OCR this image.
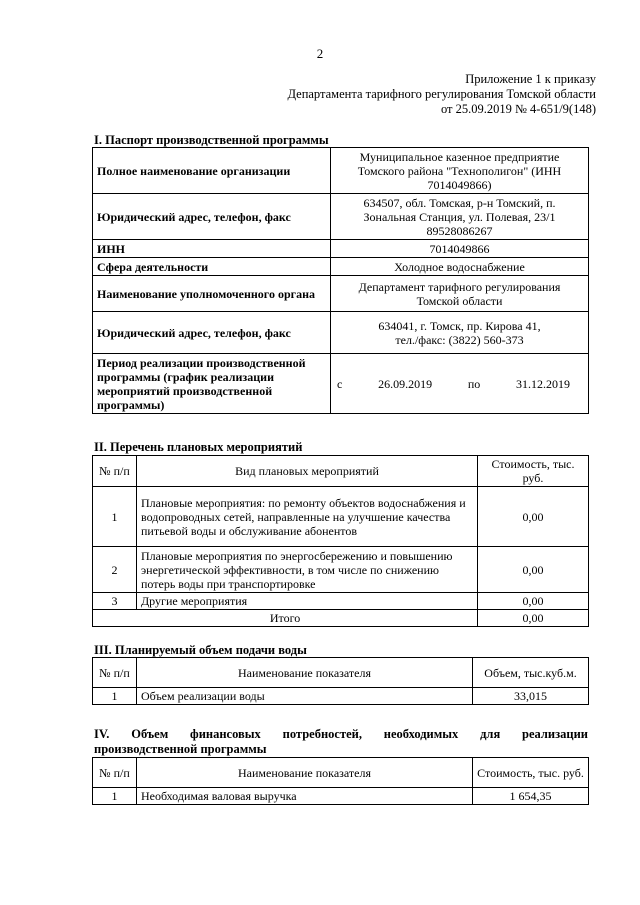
2
Приложение 1 к приказу
Департамента тарифного регулирования Томской области
от 25.09.2019 № 4-651/9(148)
I. Паспорт производственной программы
Полное наименование организации	Муниципальное казенное предприятие
Томского района "Технополигон" (ИНН
7014049866)

Юридический адрес, телефон, факс	634507, обл. Томская, р-н Томский, п.
Зональная Станция, ул. Полевая, 23/1
89528086267

ИНН	7014049866
Сфера деятельности	Холодное водоснабжение
Наименование уполномоченного органа	Департамент тарифного регулирования
Томской области

Юридический адрес, телефон, факс	634041, г. Томск, пр. Кирова 41,
тел./факс: (3822) 560-373

Период реализации производственной программы (график реализации мероприятий производственной программы)	с 26.09.2019 по 31.12.2019
II. Перечень плановых мероприятий
№ п/п	Вид плановых мероприятий	Стоимость, тыс. руб.
1	Плановые мероприятия: по ремонту объектов водоснабжения и водопроводных сетей, направленные на улучшение качества питьевой воды и обслуживание абонентов	0,00
2	Плановые мероприятия по энергосбережению и повышению энергетической эффективности, в том числе по снижению потерь воды при транспортировке	0,00
3	Другие мероприятия	0,00
Итого		0,00
III. Планируемый объем подачи воды
№ п/п	Наименование показателя	Объем, тыс.куб.м.
1	Объем реализации воды	33,015
IV. Объем финансовых потребностей, необходимых для реализации
производственной программы
№ п/п	Наименование показателя	Стоимость, тыс. руб.
1	Необходимая валовая выручка	1 654,35
